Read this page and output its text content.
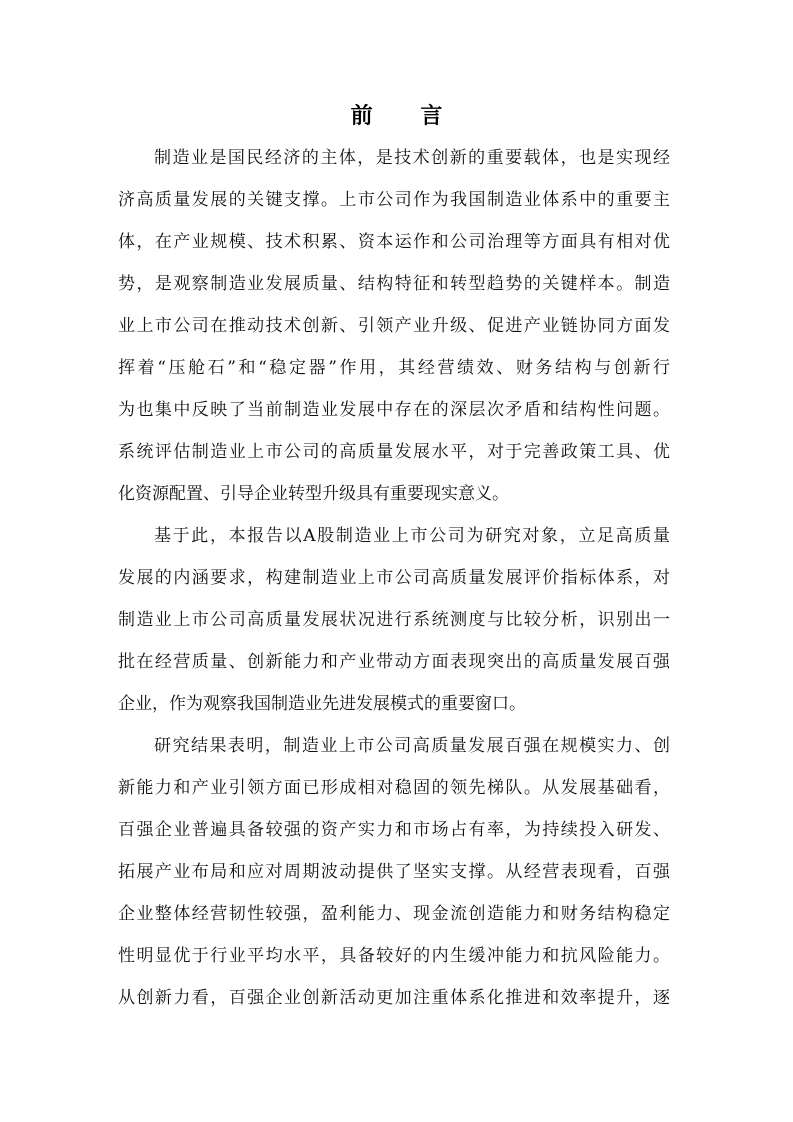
前 言
制造业是国民经济的主体，是技术创新的重要载体，也是实现经
济高质量发展的关键支撑。上市公司作为我国制造业体系中的重要主
体，在产业规模、技术积累、资本运作和公司治理等方面具有相对优
势，是观察制造业发展质量、结构特征和转型趋势的关键样本。制造
业上市公司在推动技术创新、引领产业升级、促进产业链协同方面发
挥着“压舱石”和“稳定器”作用，其经营绩效、财务结构与创新行
为也集中反映了当前制造业发展中存在的深层次矛盾和结构性问题。
系统评估制造业上市公司的高质量发展水平，对于完善政策工具、优
化资源配置、引导企业转型升级具有重要现实意义。
基于此，本报告以A股制造业上市公司为研究对象，立足高质量
发展的内涵要求，构建制造业上市公司高质量发展评价指标体系，对
制造业上市公司高质量发展状况进行系统测度与比较分析，识别出一
批在经营质量、创新能力和产业带动方面表现突出的高质量发展百强
企业，作为观察我国制造业先进发展模式的重要窗口。
研究结果表明，制造业上市公司高质量发展百强在规模实力、创
新能力和产业引领方面已形成相对稳固的领先梯队。从发展基础看，
百强企业普遍具备较强的资产实力和市场占有率，为持续投入研发、
拓展产业布局和应对周期波动提供了坚实支撑。从经营表现看，百强
企业整体经营韧性较强，盈利能力、现金流创造能力和财务结构稳定
性明显优于行业平均水平，具备较好的内生缓冲能力和抗风险能力。
从创新力看，百强企业创新活动更加注重体系化推进和效率提升，逐
